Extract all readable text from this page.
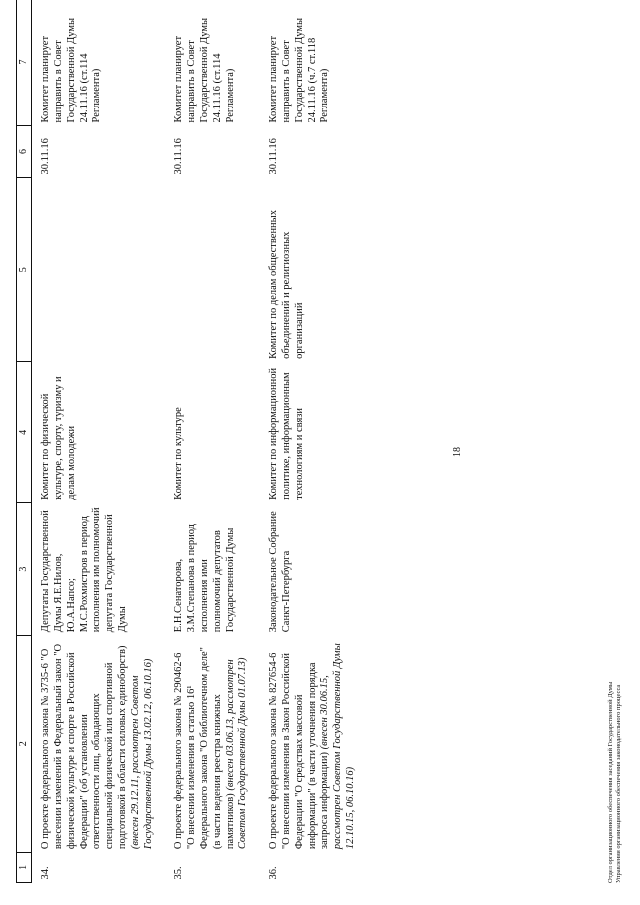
18
1	2	3	4	5	6	7
34.	О проекте федерального закона № 3735-6 "О внесении изменений в Федеральный закон "О физической культуре и спорте в Российской Федерации" (об установлении ответственности лиц, обладающих специальной физической или спортивной подготовкой в области силовых единоборств) (внесен 29.12.11, рассмотрен Советом Государственной Думы 13.02.12, 06.10.16)	Депутаты Государственной Думы Я.Е.Нилов, Ю.А.Напсо; М.С.Рохмистров в период исполнения им полномочий депутата Государственной Думы	Комитет по физической культуре, спорту, туризму и делам молодежи		30.11.16	Комитет планирует направить в Совет Государственной Думы 24.11.16 (ст.114 Регламента)
35.	О проекте федерального закона № 290462-6 "О внесении изменения в статью 16¹ Федерального закона "О библиотечном деле" (в части ведения реестра книжных памятников) (внесен 03.06.13, рассмотрен Советом Государственной Думы 01.07.13)	Е.Н.Сенаторова, З.М.Степанова в период исполнения ими полномочий депутатов Государственной Думы	Комитет по культуре		30.11.16	Комитет планирует направить в Совет Государственной Думы 24.11.16 (ст.114 Регламента)
36.	О проекте федерального закона № 827654-6 "О внесении изменения в Закон Российской Федерации "О средствах массовой информации" (в части уточнения порядка запроса информации) (внесен 30.06.15, рассмотрен Советом Государственной Думы 12.10.15, 06.10.16)	Законодательное Собрание Санкт-Петербурга	Комитет по информационной политике, информационным технологиям и связи	Комитет по делам общественных объединений и религиозных организаций	30.11.16	Комитет планирует направить в Совет Государственной Думы 24.11.16 (ч.7 ст.118 Регламента)
Отдел организационного обеспечения заседаний Государственной Думы Управления организационного обеспечения законодательного процесса
